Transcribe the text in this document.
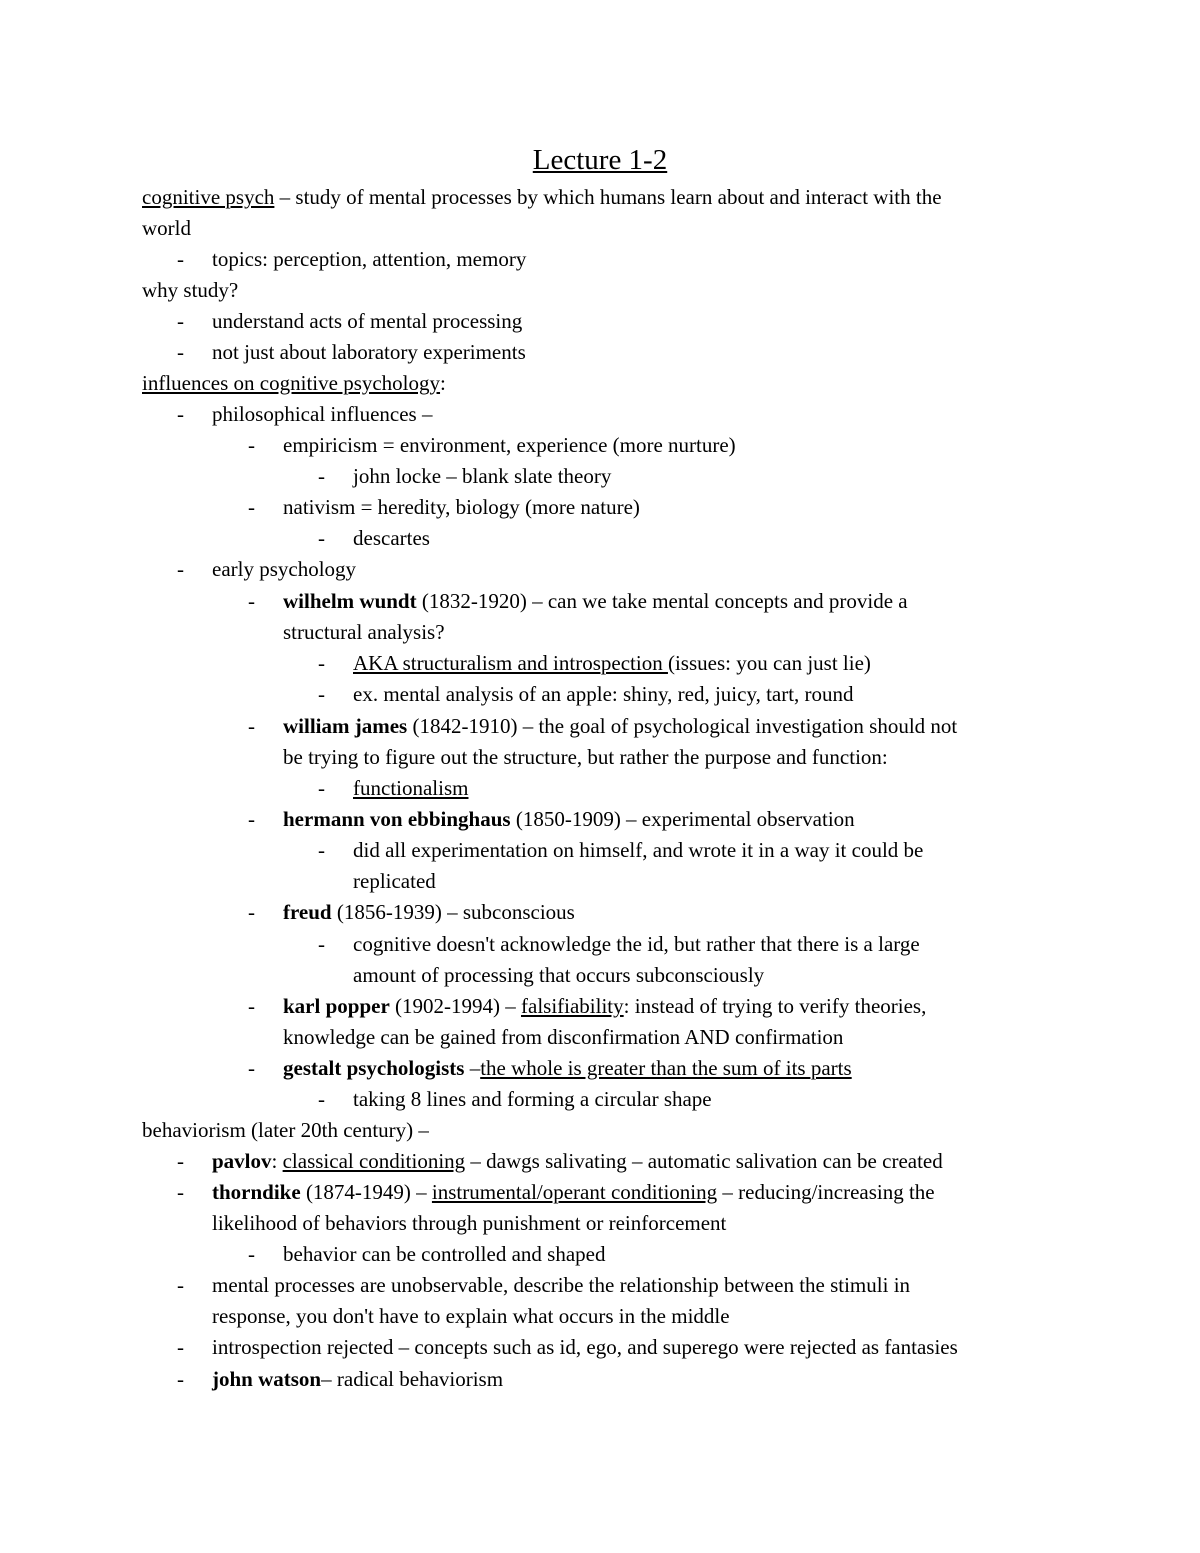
Lecture 1-2
cognitive psych – study of mental processes by which humans learn about and interact with the
world
- topics: perception, attention, memory
why study?
- understand acts of mental processing
- not just about laboratory experiments
influences on cognitive psychology:
- philosophical influences –
- empiricism = environment, experience (more nurture)
- john locke – blank slate theory
- nativism = heredity, biology (more nature)
- descartes
- early psychology
- wilhelm wundt (1832-1920) – can we take mental concepts and provide a
structural analysis?
- AKA structuralism and introspection (issues: you can just lie)
- ex. mental analysis of an apple: shiny, red, juicy, tart, round
- william james (1842-1910) – the goal of psychological investigation should not
be trying to figure out the structure, but rather the purpose and function:
- functionalism
- hermann von ebbinghaus (1850-1909) – experimental observation
- did all experimentation on himself, and wrote it in a way it could be
replicated
- freud (1856-1939) – subconscious
- cognitive doesn't acknowledge the id, but rather that there is a large
amount of processing that occurs subconsciously
- karl popper (1902-1994) – falsifiability: instead of trying to verify theories,
knowledge can be gained from disconfirmation AND confirmation
- gestalt psychologists –the whole is greater than the sum of its parts
- taking 8 lines and forming a circular shape
behaviorism (later 20th century) –
- pavlov: classical conditioning – dawgs salivating – automatic salivation can be created
- thorndike (1874-1949) – instrumental/operant conditioning – reducing/increasing the
likelihood of behaviors through punishment or reinforcement
- behavior can be controlled and shaped
- mental processes are unobservable, describe the relationship between the stimuli in
response, you don't have to explain what occurs in the middle
- introspection rejected – concepts such as id, ego, and superego were rejected as fantasies
- john watson– radical behaviorism
